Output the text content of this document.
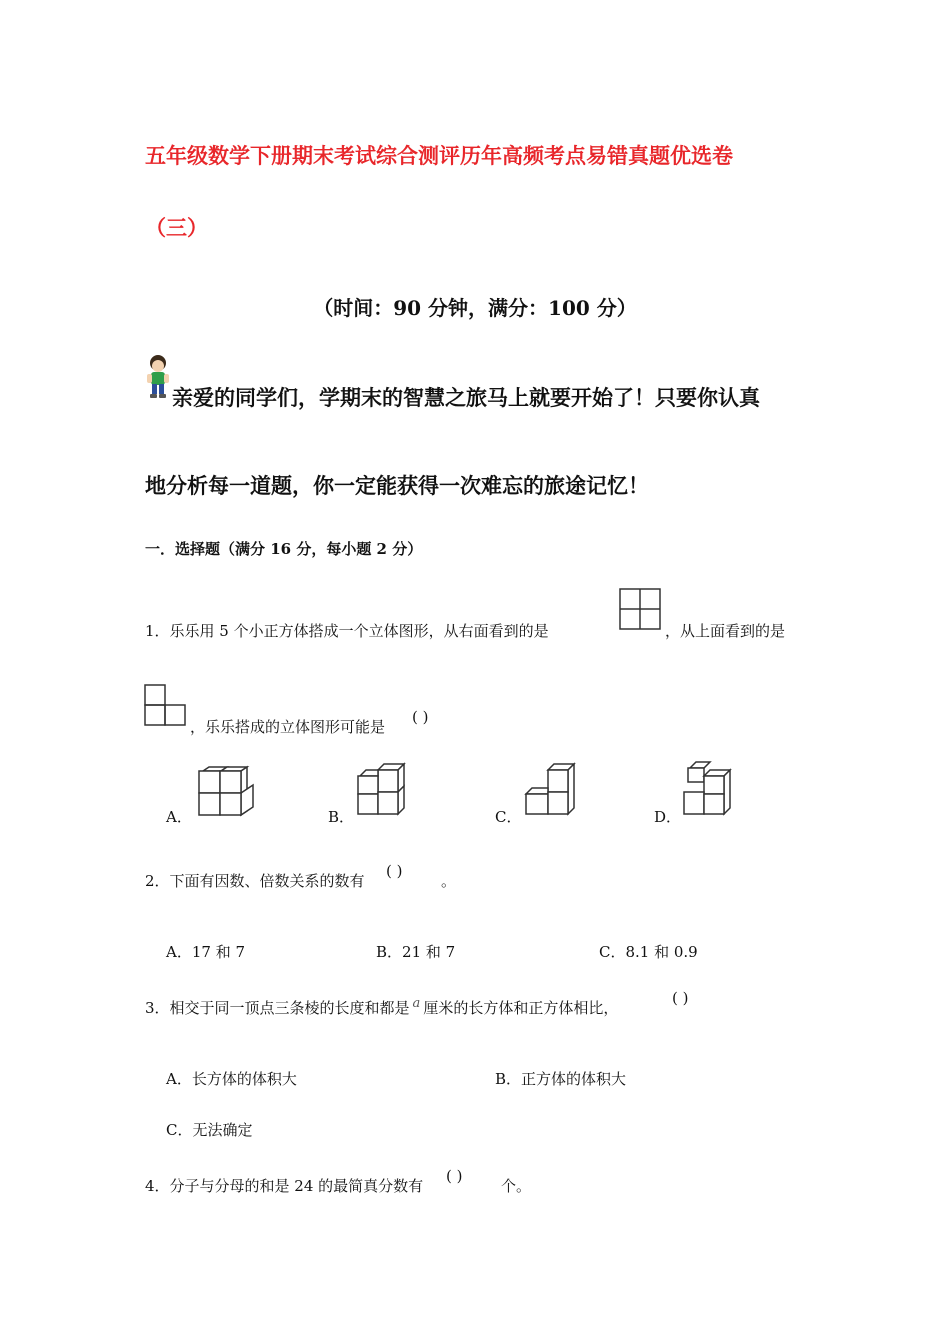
五年级数学下册期末考试综合测评历年高频考点易错真题优选卷
（三）
（时间：90 分钟，满分：100 分）
亲爱的同学们，学期末的智慧之旅马上就要开始了！只要你认真
地分析每一道题，你一定能获得一次难忘的旅途记忆！
一．选择题（满分 16 分，每小题 2 分）
1．乐乐用 5 个小正方体搭成一个立体图形，从右面看到的是	，从上面看到的是
，乐乐搭成的立体图形可能是
( )
A．	B．	C．	D．
2．下面有因数、倍数关系的数有
( )
。
A．17 和 7	B．21 和 7	C．8.1 和 0.9
3．相交于同一顶点三条棱的长度和都是 a 厘米的长方体和正方体相比，
( )
A．长方体的体积大	B．正方体的体积大
C．无法确定
4．分子与分母的和是 24 的最简真分数有
( )
个。
